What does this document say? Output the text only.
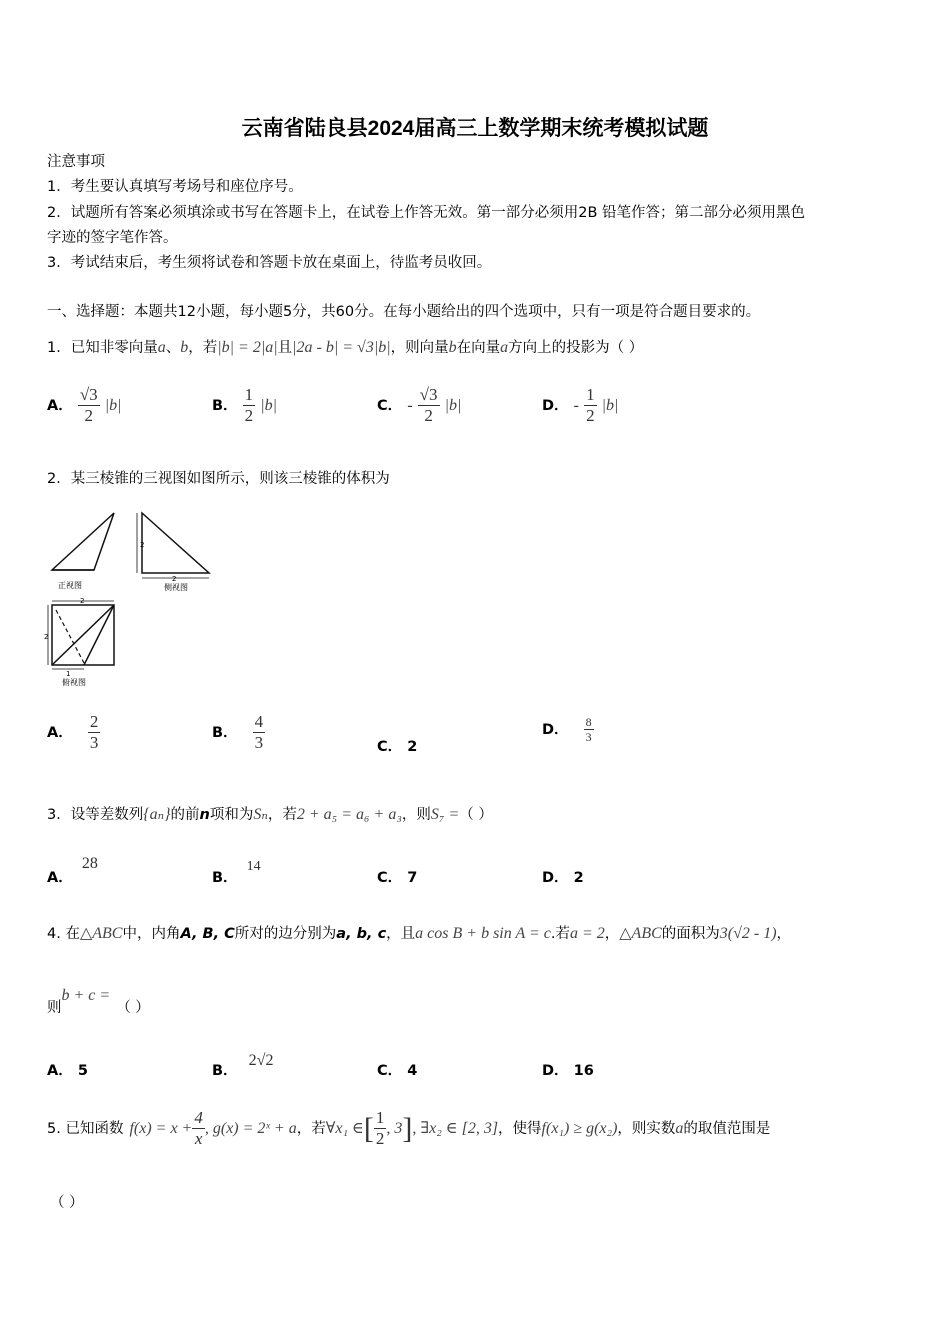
云南省陆良县2024届高三上数学期末统考模拟试题
注意事项
1．考生要认真填写考场号和座位序号。
2．试题所有答案必须填涂或书写在答题卡上，在试卷上作答无效。第一部分必须用2B 铅笔作答；第二部分必须用黑色
字迹的签字笔作答。
3．考试结束后，考生须将试卷和答题卡放在桌面上，待监考员收回。
一、选择题：本题共12小题，每小题5分，共60分。在每小题给出的四个选项中，只有一项是符合题目要求的。
1．已知非零向量a、b，若|b| = 2|a|且|2a - b| = √3|b|，则向量b在向量a方向上的投影为（ ）
A． $\frac{√3}{2} |b|$	B． $\frac{1}{2} |b|$	C． - $\frac{√3}{2} |b|$	D． - $\frac{1}{2} |b|$
2．某三棱锥的三视图如图所示，则该三棱锥的体积为
正视图
2
2
侧视图
2
2
1
俯视图
A． $\frac{2}{3}$	B． $\frac{4}{3}$	C． 2
D． $\frac{8}{3}$
3．设等差数列{aₙ}的前n项和为Sₙ，若2 + a₅ = a₆ + a₃，则S₇ =（ ）
A． 28
B． 14
C． 7	D． 2
4. 在△ABC中，内角A, B, C所对的边分别为a, b, c，且a cos B + b sin A = c.若a = 2，△ABC的面积为3(√2 - 1)，
则b + c =（ ）
A． 5	B． 2√2
C． 4	D． 16
5. 已知函数 $f(x) = x + \frac{4}{x}$ , g(x) = 2ˣ + a ，若 ∀x₁ ∈ [ $\frac{1}{2}$ , 3 ] , ∃x₂ ∈ [2, 3] ，使得 f(x₁) ≥ g(x₂) ，则实数 a 的取值范围是
（ ）
